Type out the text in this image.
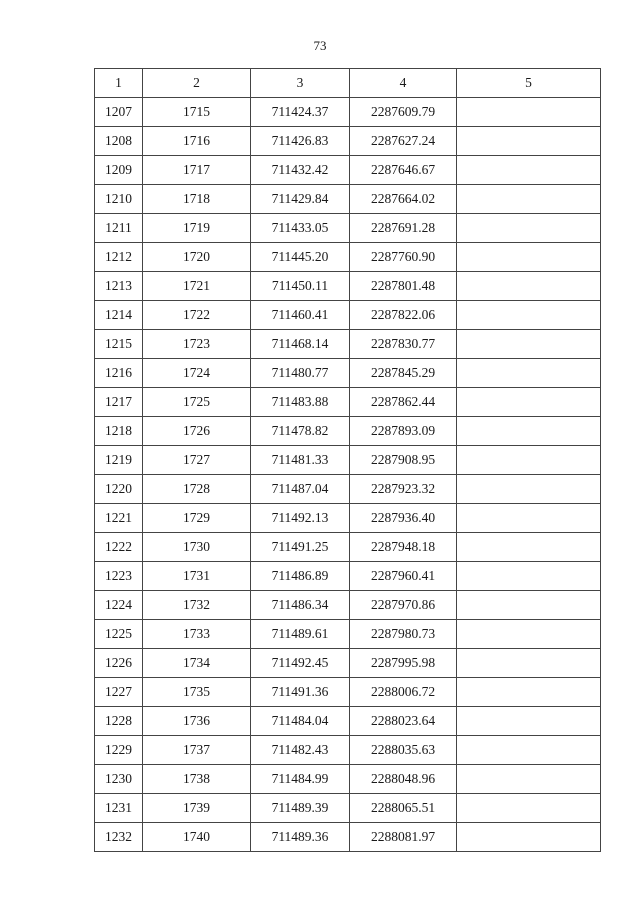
73
1	2	3	4	5
1207	1715	711424.37	2287609.79	
1208	1716	711426.83	2287627.24	
1209	1717	711432.42	2287646.67	
1210	1718	711429.84	2287664.02	
1211	1719	711433.05	2287691.28	
1212	1720	711445.20	2287760.90	
1213	1721	711450.11	2287801.48	
1214	1722	711460.41	2287822.06	
1215	1723	711468.14	2287830.77	
1216	1724	711480.77	2287845.29	
1217	1725	711483.88	2287862.44	
1218	1726	711478.82	2287893.09	
1219	1727	711481.33	2287908.95	
1220	1728	711487.04	2287923.32	
1221	1729	711492.13	2287936.40	
1222	1730	711491.25	2287948.18	
1223	1731	711486.89	2287960.41	
1224	1732	711486.34	2287970.86	
1225	1733	711489.61	2287980.73	
1226	1734	711492.45	2287995.98	
1227	1735	711491.36	2288006.72	
1228	1736	711484.04	2288023.64	
1229	1737	711482.43	2288035.63	
1230	1738	711484.99	2288048.96	
1231	1739	711489.39	2288065.51	
1232	1740	711489.36	2288081.97	
